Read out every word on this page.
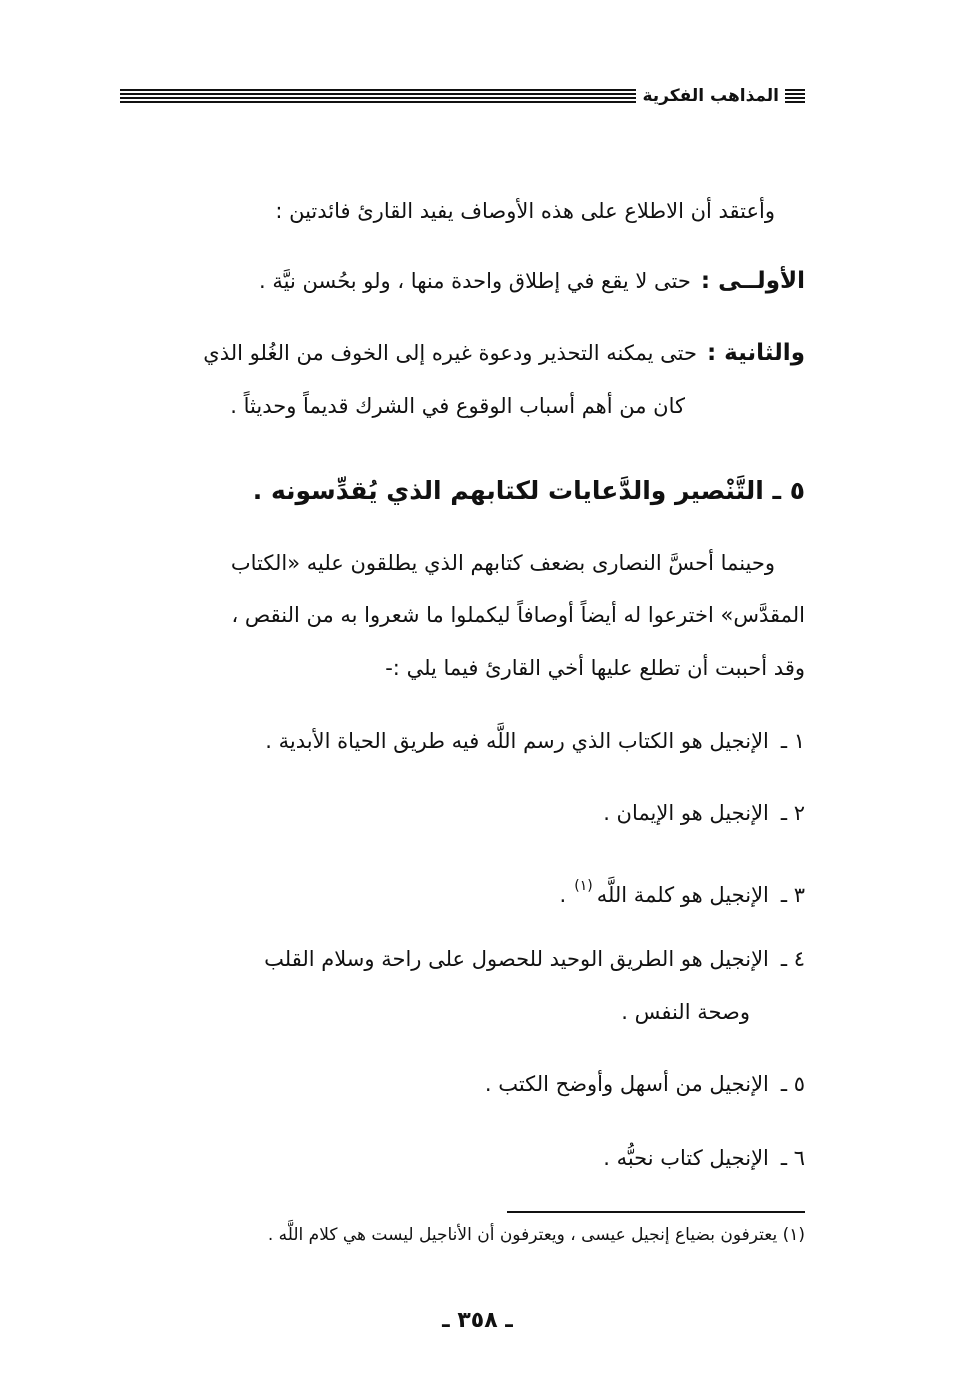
المذاهب الفكرية
وأعتقد أن الاطلاع على هذه الأوصاف يفيد القارئ فائدتين :
الأولــى :حتى لا يقع في إطلاق واحدة منها ، ولو بحُسن نيَّة .
والثانية :حتى يمكنه التحذير ودعوة غيره إلى الخوف من الغُلو الذي
كان من أهم أسباب الوقوع في الشرك قديماً وحديثاً .
٥ ـ التَّنْصير والدَّعايات لكتابهم الذي يُقدِّسونه .
وحينما أحسَّ النصارى بضعف كتابهم الذي يطلقون عليه «الكتاب
المقدَّس» اخترعوا له أيضاً أوصافاً ليكملوا ما شعروا به من النقص ،
وقد أحببت أن تطلع عليها أخي القارئ فيما يلي :-
١ ـالإنجيل هو الكتاب الذي رسم اللَّه فيه طريق الحياة الأبدية .
٢ ـالإنجيل هو الإيمان .
٣ ـالإنجيل هو كلمة اللَّه$^{(١)}$.
٤ ـالإنجيل هو الطريق الوحيد للحصول على راحة وسلام القلب
وصحة النفس .
٥ ـالإنجيل من أسهل وأوضح الكتب .
٦ ـالإنجيل كتاب نحبُّه .
(١) يعترفون بضياع إنجيل عيسى ، ويعترفون أن الأناجيل ليست هي كلام اللَّه .
ـ ٣٥٨ ـ
